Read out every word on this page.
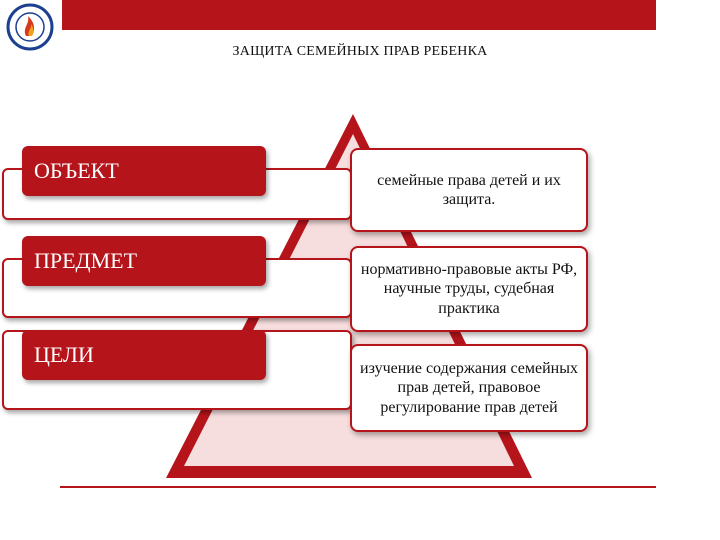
ЗАЩИТА СЕМЕЙНЫХ ПРАВ РЕБЕНКА
ОБЪЕКТ
ПРЕДМЕТ
ЦЕЛИ
семейные права детей и их защита.
нормативно-правовые акты РФ, научные труды, судебная практика
изучение содержания семейных прав детей, правовое регулирование прав детей
